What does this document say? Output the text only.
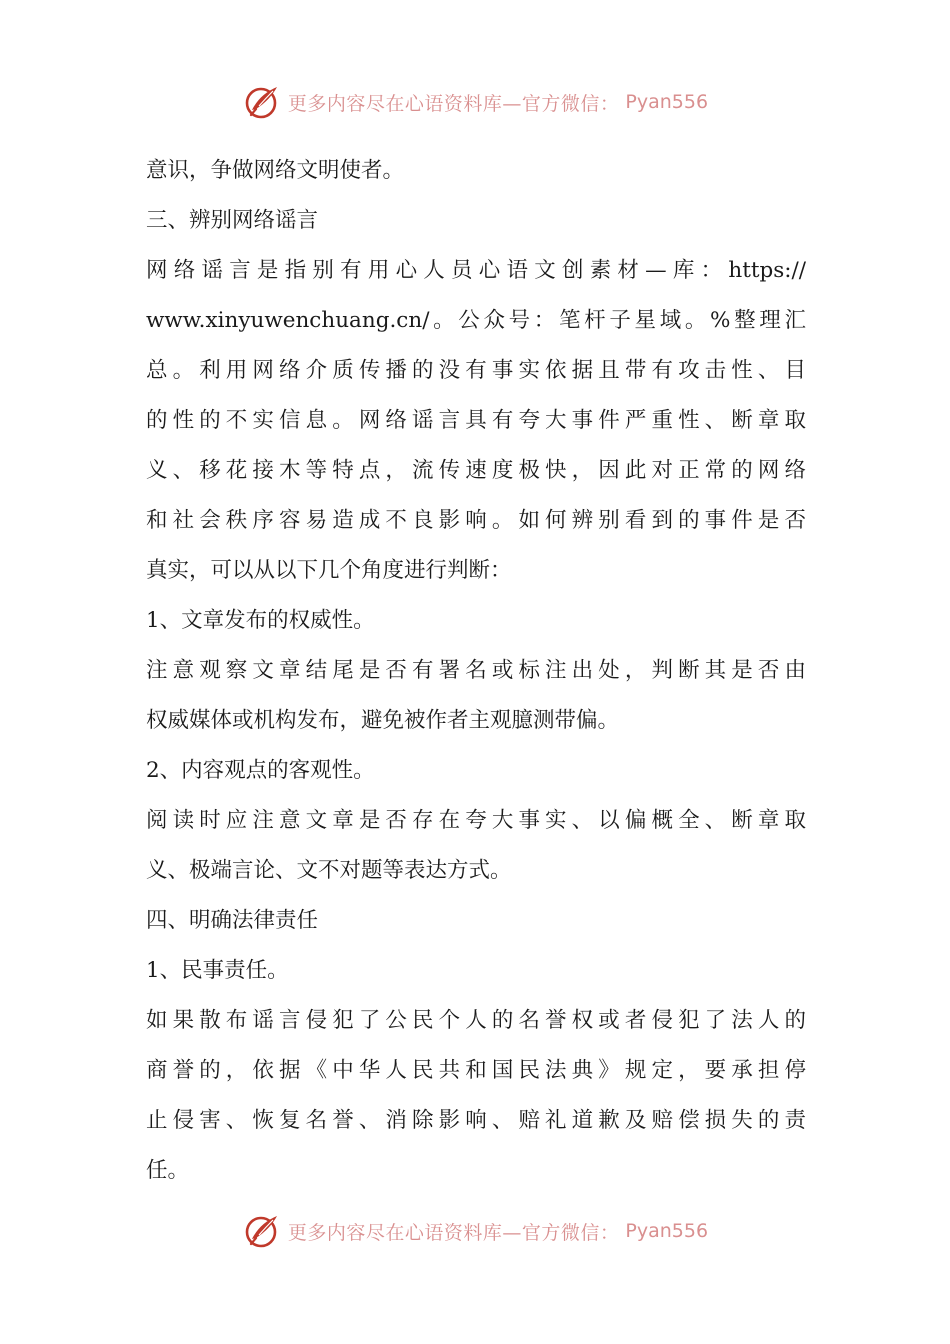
更多内容尽在心语资料库—官方微信： Pyan556
意识，争做网络文明使者。
三、辨别网络谣言
网络谣言是指别有用心人员心语文创素材—库：https://
www.xinyuwenchuang.cn/。公众号：笔杆子星域。%整理汇
总。利用网络介质传播的没有事实依据且带有攻击性、目
的性的不实信息。网络谣言具有夸大事件严重性、断章取
义、移花接木等特点，流传速度极快，因此对正常的网络
和社会秩序容易造成不良影响。如何辨别看到的事件是否
真实，可以从以下几个角度进行判断：
1、文章发布的权威性。
注意观察文章结尾是否有署名或标注出处，判断其是否由
权威媒体或机构发布，避免被作者主观臆测带偏。
2、内容观点的客观性。
阅读时应注意文章是否存在夸大事实、以偏概全、断章取
义、极端言论、文不对题等表达方式。
四、明确法律责任
1、民事责任。
如果散布谣言侵犯了公民个人的名誉权或者侵犯了法人的
商誉的，依据《中华人民共和国民法典》规定，要承担停
止侵害、恢复名誉、消除影响、赔礼道歉及赔偿损失的责
任。
更多内容尽在心语资料库—官方微信： Pyan556
